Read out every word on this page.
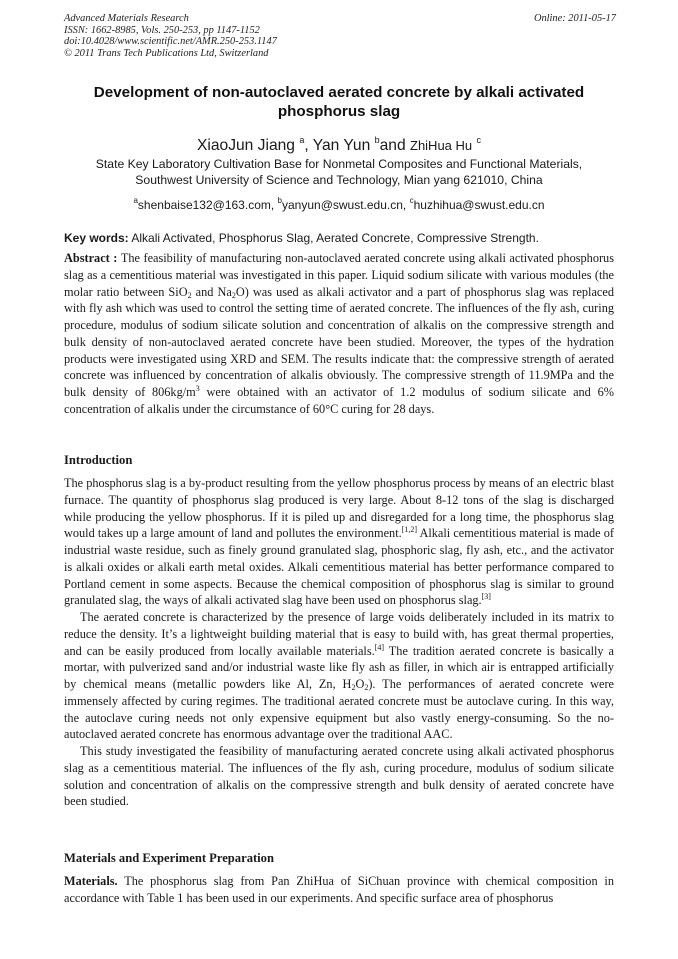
Advanced Materials Research
ISSN: 1662-8985, Vols. 250-253, pp 1147-1152
doi:10.4028/www.scientific.net/AMR.250-253.1147
© 2011 Trans Tech Publications Ltd, Switzerland
Online: 2011-05-17
Development of non-autoclaved aerated concrete by alkali activated phosphorus slag
XiaoJun Jiang $^a$, Yan Yun $^b$and ZhiHua Hu $^c$
State Key Laboratory Cultivation Base for Nonmetal Composites and Functional Materials,
Southwest University of Science and Technology, Mian yang 621010, China
$^a$shenbaise132@163.com, $^b$yanyun@swust.edu.cn, $^c$huzhihua@swust.edu.cn
Key words: Alkali Activated, Phosphorus Slag, Aerated Concrete, Compressive Strength.

Abstract : The feasibility of manufacturing non-autoclaved aerated concrete using alkali activated phosphorus slag as a cementitious material was investigated in this paper. Liquid sodium silicate with various modules (the molar ratio between SiO$_2$ and $Na_2O$) was used as alkali activator and a part of phosphorus slag was replaced with fly ash which was used to control the setting time of aerated concrete. The influences of the fly ash, curing procedure, modulus of sodium silicate solution and concentration of alkalis on the compressive strength and bulk density of non-autoclaved aerated concrete have been studied. Moreover, the types of the hydration products were investigated using XRD and SEM. The results indicate that: the compressive strength of aerated concrete was influenced by concentration of alkalis obviously. The compressive strength of 11.9MPa and the bulk density of $806kg/m^3$ were obtained with an activator of 1.2 modulus of sodium silicate and 6% concentration of alkalis under the circumstance of 60°C curing for 28 days.

Introduction

The phosphorus slag is a by-product resulting from the yellow phosphorus process by means of an electric blast furnace. The quantity of phosphorus slag produced is very large. About 8-12 tons of the slag is discharged while producing the yellow phosphorus. If it is piled up and disregarded for a long time, the phosphorus slag would takes up a large amount of land and pollutes the environment.[1,2] Alkali cementitious material is made of industrial waste residue, such as finely ground granulated slag, phosphoric slag, fly ash, etc., and the activator is alkali oxides or alkali earth metal oxides. Alkali cementitious material has better performance compared to Portland cement in some aspects. Because the chemical composition of phosphorus slag is similar to ground granulated slag, the ways of alkali activated slag have been used on phosphorus slag.[3]

The aerated concrete is characterized by the presence of large voids deliberately included in its matrix to reduce the density. It’s a lightweight building material that is easy to build with, has great thermal properties, and can be easily produced from locally available materials.[4] The tradition aerated concrete is basically a mortar, with pulverized sand and/or industrial waste like fly ash as filler, in which air is entrapped artificially by chemical means (metallic powders like Al, Zn, $H_2O_2$). The performances of aerated concrete were immensely affected by curing regimes. The traditional aerated concrete must be autoclave curing. In this way, the autoclave curing needs not only expensive equipment but also vastly energy-consuming. So the no-autoclaved aerated concrete has enormous advantage over the traditional AAC.

This study investigated the feasibility of manufacturing aerated concrete using alkali activated phosphorus slag as a cementitious material. The influences of the fly ash, curing procedure, modulus of sodium silicate solution and concentration of alkalis on the compressive strength and bulk density of aerated concrete have been studied.

Materials and Experiment Preparation

Materials. The phosphorus slag from Pan ZhiHua of SiChuan province with chemical composition in accordance with Table 1 has been used in our experiments. And specific surface area of phosphorus
